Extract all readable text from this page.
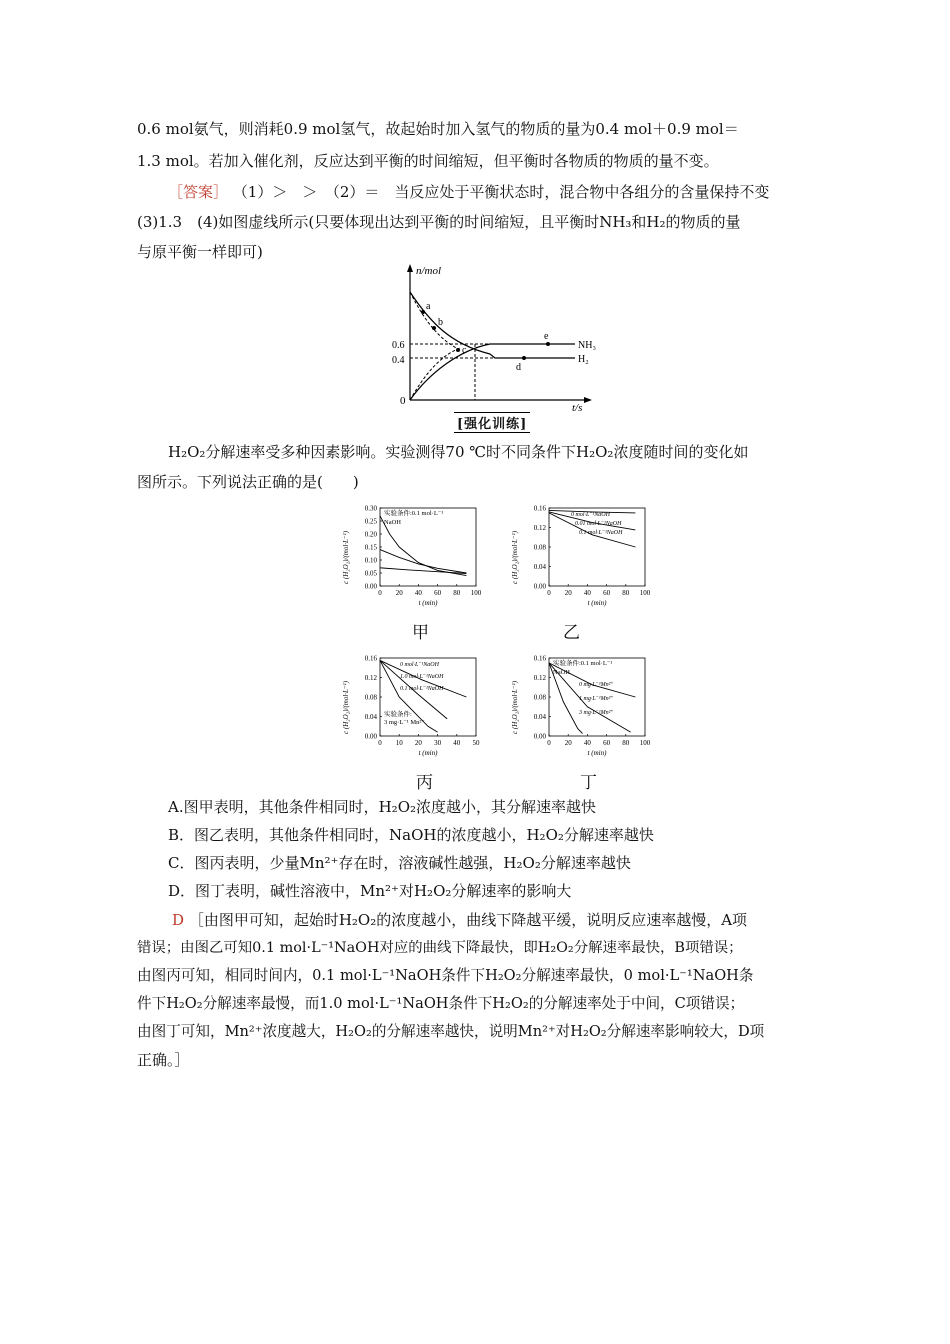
0.6 mol氨气，则消耗0.9 mol氢气，故起始时加入氢气的物质的量为0.4 mol＋0.9 mol＝
1.3 mol。若加入催化剂，反应达到平衡的时间缩短，但平衡时各物质的物质的量不变。
［答案］ （1）＞　＞　（2）＝　当反应处于平衡状态时，混合物中各组分的含量保持不变
(3)1.3　(4)如图虚线所示(只要体现出达到平衡的时间缩短，且平衡时NH₃和H₂的物质的量
与原平衡一样即可)
n/mol
t/s
0
0.6
0.4
a
b
c
d
e
NH₃
H₂
[ 强化训练 ]
H₂O₂分解速率受多种因素影响。实验测得70 ℃时不同条件下H₂O₂浓度随时间的变化如
图所示。下列说法正确的是(　　)
c (H₂O₂)/(mol·L⁻¹)
0.00
0.05
0.10
0.15
0.20
0.25
0.30
0 20 40 60 80 100
t (min)
实验条件:0.1 mol·L⁻¹
NaOH
c (H₂O₂)/(mol·L⁻¹)
0.00
0.04
0.08
0.12
0.16
0 20 40 60 80 100
t (min)
0 mol·L⁻¹NaOH
0.01 mol·L⁻¹NaOH
0.1 mol·L⁻¹NaOH
c (H₂O₂)/(mol·L⁻¹)
0.00
0.04
0.08
0.12
0.16
0 10 20 30 40 50
t (min)
实验条件:
3 mg·L⁻¹ Mn²⁺
0 mol·L⁻¹NaOH
1.0 mol·L⁻¹NaOH
0.1 mol·L⁻¹NaOH	c (H₂O₂)/(mol·L⁻¹)
0.00
0.04
0.08
0.12
0.16
0 20 40 60 80 100
t (min)
实验条件:0.1 mol·L⁻¹
NaOH
0 mg·L⁻¹Mn²⁺
1 mg·L⁻¹Mn²⁺
3 mg·L⁻¹Mn²⁺
甲	乙
丙	丁
A.图甲表明，其他条件相同时，H₂O₂浓度越小，其分解速率越快
B．图乙表明，其他条件相同时，NaOH的浓度越小，H₂O₂分解速率越快
C．图丙表明，少量Mn²⁺存在时，溶液碱性越强，H₂O₂分解速率越快
D．图丁表明，碱性溶液中，Mn²⁺对H₂O₂分解速率的影响大
D ［由图甲可知，起始时H₂O₂的浓度越小，曲线下降越平缓，说明反应速率越慢，A项
错误；由图乙可知0.1 mol·L⁻¹NaOH对应的曲线下降最快，即H₂O₂分解速率最快，B项错误；
由图丙可知，相同时间内，0.1 mol·L⁻¹NaOH条件下H₂O₂分解速率最快，0 mol·L⁻¹NaOH条
件下H₂O₂分解速率最慢，而1.0 mol·L⁻¹NaOH条件下H₂O₂的分解速率处于中间，C项错误；
由图丁可知，Mn²⁺浓度越大，H₂O₂的分解速率越快，说明Mn²⁺对H₂O₂分解速率影响较大，D项
正确。］
